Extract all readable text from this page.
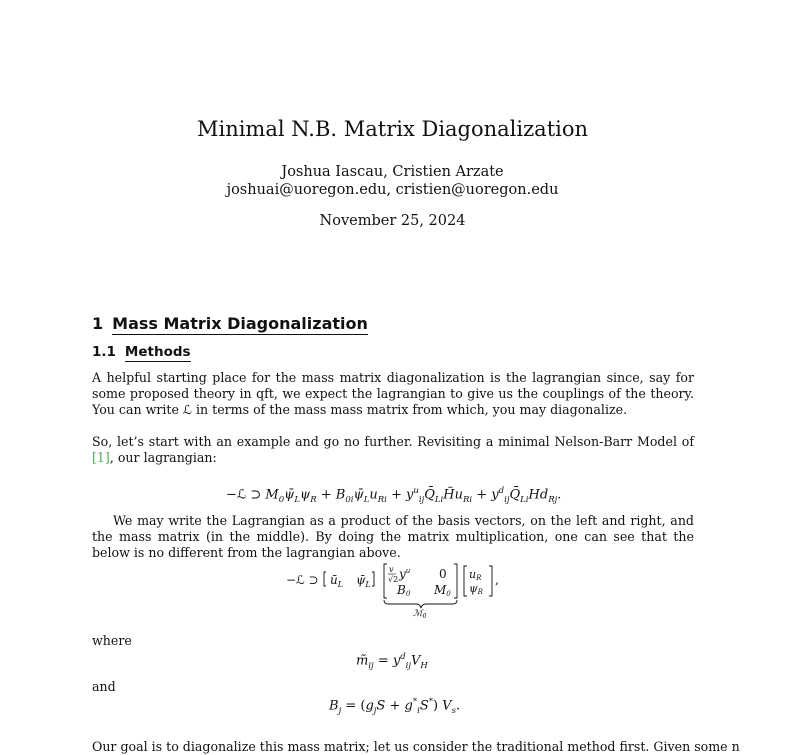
Minimal N.B. Matrix Diagonalization
Joshua Iascau, Cristien Arzate
joshuai@uoregon.edu, cristien@uoregon.edu
November 25, 2024
1 Mass Matrix Diagonalization
1.1 Methods
A helpful starting place for the mass matrix diagonalization is the lagrangian since, say for some proposed theory in qft, we expect the lagrangian to give us the couplings of the theory. You can write ℒ in terms of the mass mass matrix from which, you may diagonalize.
So, let’s start with an example and go no further. Revisiting a minimal Nelson-Barr Model of [1], our lagrangian:
−ℒ ⊃ $M_0\psī_L\psi_R$ + $B_{0i}\psī_Lu_{Ri}$ + $y^u_{ij}Q̄_{Li}H̃u_{Ri}$ + $y^d_{ij}Q̄_{Li}Hd_{Rj}$.
We may write the Lagrangian as a product of the basis vectors, on the left and right, and the mass matrix (in the middle). By doing the matrix multiplication, one can see that the below is no different from the lagrangian above.
−ℒ ⊃ $ū_L$ $\psī_L$
v
√2 $y^u$ 0
B0 M0
ℳ$_0$
uR
ψR
,
where
$m̃_{ij} = y^d_{ij}V_H$
and
$B_j = (g_jS + g^*_iS^*)$ $V_s$.
Our goal is to diagonalize this mass matrix; let us consider the traditional method first. Given some n
